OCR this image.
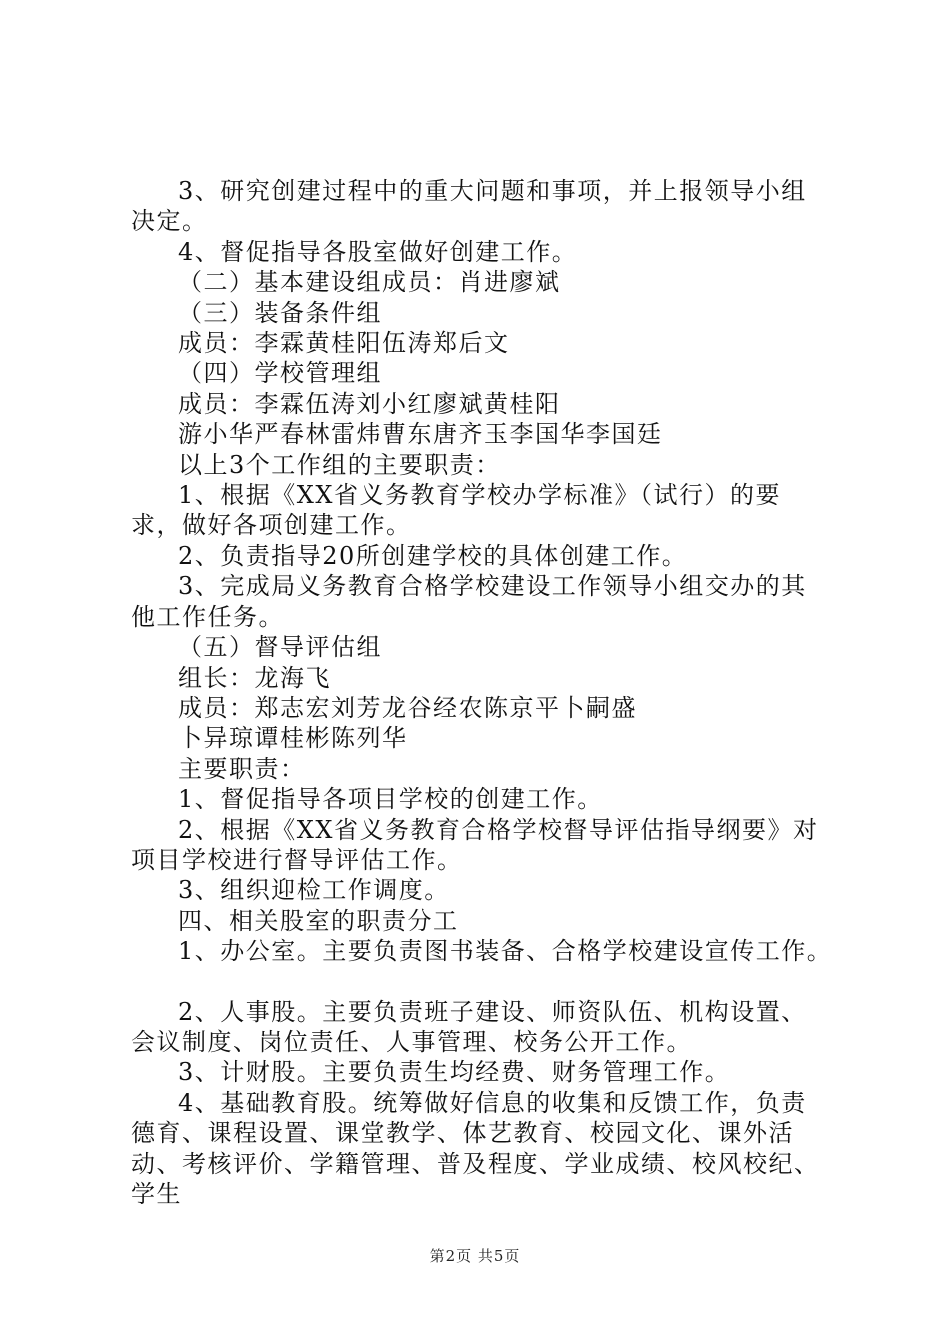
3、研究创建过程中的重大问题和事项，并上报领导小组决定。

4、督促指导各股室做好创建工作。

（二）基本建设组成员：肖进廖斌

（三）装备条件组

成员：李霖黄桂阳伍涛郑后文

（四）学校管理组

成员：李霖伍涛刘小红廖斌黄桂阳

游小华严春林雷炜曹东唐齐玉李国华李国廷

以上3个工作组的主要职责：

1、根据《XX省义务教育学校办学标准》（试行）的要求，做好各项创建工作。

2、负责指导20所创建学校的具体创建工作。

3、完成局义务教育合格学校建设工作领导小组交办的其他工作任务。

（五）督导评估组

组长：龙海飞

成员：郑志宏刘芳龙谷经农陈京平卜嗣盛

卜异琼谭桂彬陈列华

主要职责：

1、督促指导各项目学校的创建工作。

2、根据《XX省义务教育合格学校督导评估指导纲要》对项目学校进行督导评估工作。

3、组织迎检工作调度。

四、相关股室的职责分工

1、办公室。主要负责图书装备、合格学校建设宣传工作。

2、人事股。主要负责班子建设、师资队伍、机构设置、会议制度、岗位责任、人事管理、校务公开工作。

3、计财股。主要负责生均经费、财务管理工作。

4、基础教育股。统筹做好信息的收集和反馈工作，负责德育、课程设置、课堂教学、体艺教育、校园文化、课外活动、考核评价、学籍管理、普及程度、学业成绩、校风校纪、学生

第2页 共5页
